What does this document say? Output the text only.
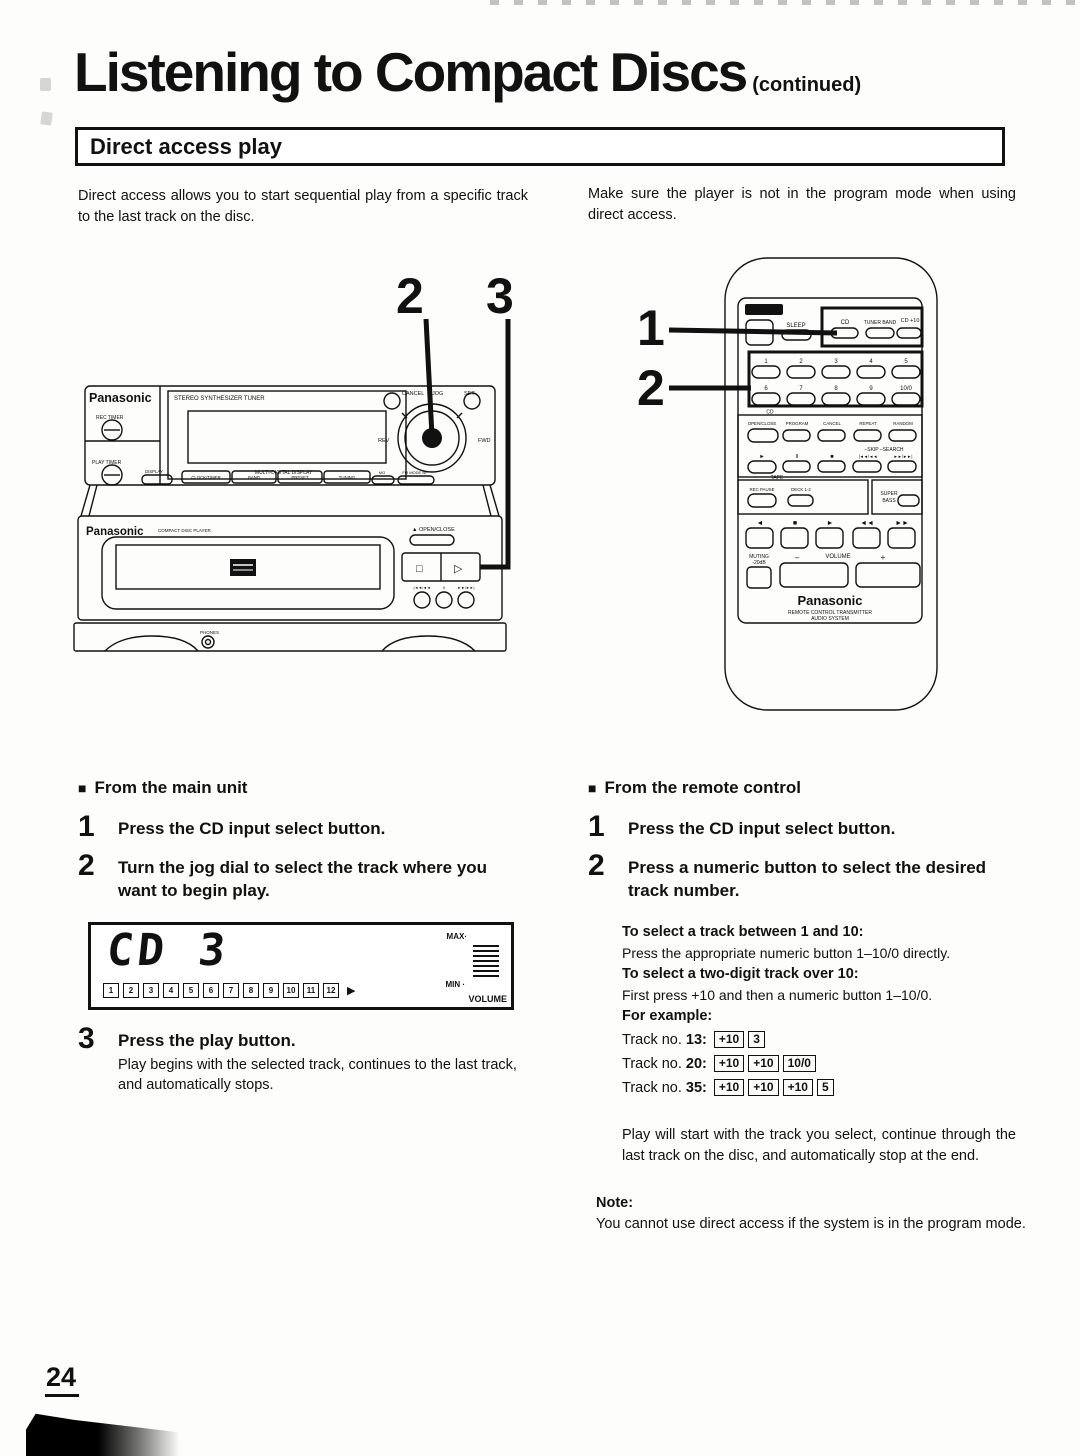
Listening to Compact Discs (continued)
Direct access play
Direct access allows you to start sequential play from a specific track to the last track on the disc.
Make sure the player is not in the program mode when using direct access.
2 3
Panasonic
REC TIMER
PLAY TIMER
STEREO SYNTHESIZER TUNER
MULTI-DIGITAL DISPLAY
DISPLAY
CLOCK/TIMER	BAND	PRESET	TUNING
MO	FM MODE BP
CANCEL JOG	SET
REV	FWD
Panasonic	COMPACT DISC PLAYER	▲ OPEN/CLOSE
□	▷
|◄◄/◄◄	II	►►/►►|
PHONES
1
2
OPTION
SLEEP	CD	TUNER BAND CD +10
1	2	3	4	5
6	7	8	9	10/0
CD
OPEN/CLOSE PROGRAM	CANCEL	REPEAT	RANDOM
–SKIP –SEARCH
►	II	■	|◄◄/◄◄	►►/►►|
TAPE
REC PAUSE	DECK 1-2
SUPER
BASS
◄	■	►	◄◄	►►
MUTING
-20dB
–	VOLUME	+
Panasonic
REMOTE CONTROL TRANSMITTER
AUDIO SYSTEM
■ From the main unit
1	Press the CD input select button.
2	Turn the jog dial to select the track where you want to begin play.
CD 3
1	2	3	4	5	6	7	8	9	10	11	12	▶
MAX·
MIN ·
VOLUME
3	Press the play button.
Play begins with the selected track, continues to the last track, and automatically stops.
■ From the remote control
1	Press the CD input select button.
2	Press a numeric button to select the desired track number.
To select a track between 1 and 10:
Press the appropriate numeric button 1–10/0 directly.
To select a two-digit track over 10:
First press +10 and then a numeric button 1–10/0.
For example:
Track no. 13: +10 3
Track no. 20: +10 +10 10/0
Track no. 35: +10 +10 +10 5
Play will start with the track you select, continue through the last track on the disc, and automatically stop at the end.
Note:
You cannot use direct access if the system is in the program mode.
24
